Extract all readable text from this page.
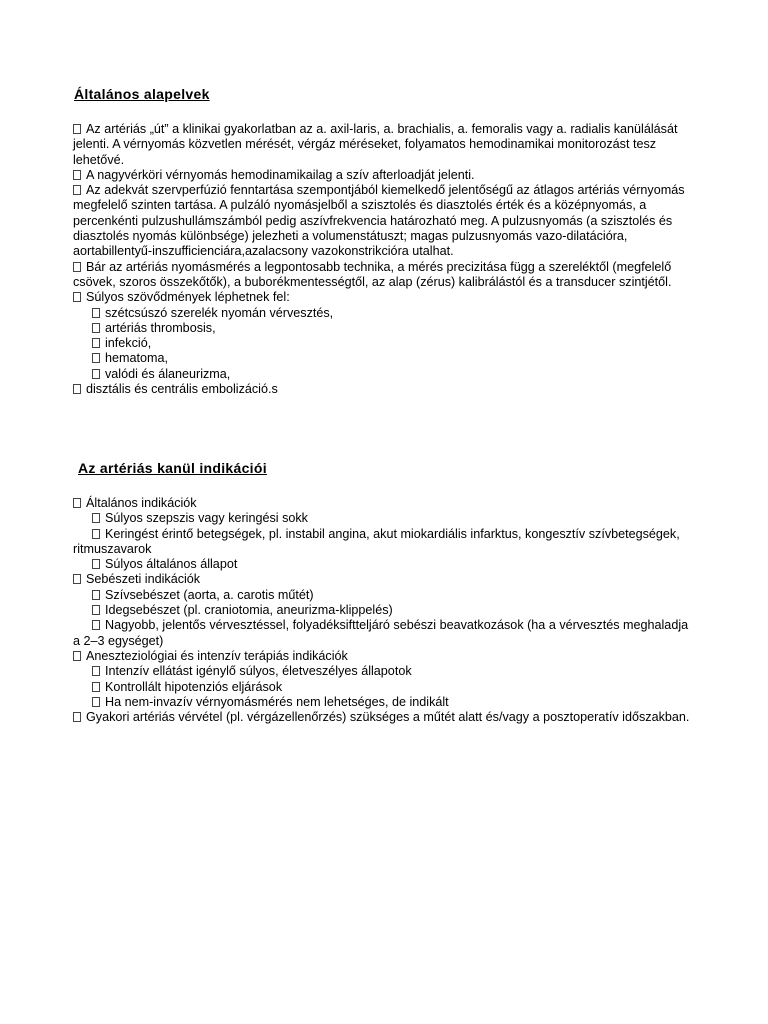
Általános alapelvek

Az artériás „út” a klinikai gyakorlatban az a. axil-laris, a. brachialis, a. femoralis vagy a. radialis kanülálását jelenti. A vérnyomás közvetlen mérését, vérgáz méréseket, folyamatos hemodinamikai monitorozást tesz lehetővé.

A nagyvérköri vérnyomás hemodinamikailag a szív afterloadját jelenti.

Az adekvát szervperfúzió fenntartása szempontjából kiemelkedő jelentőségű az átlagos artériás vérnyomás megfelelő szinten tartása. A pulzáló nyomásjelből a szisztolés és diasztolés érték és a középnyomás, a percenkénti pulzushullámszámból pedig aszívfrekvencia határozható meg. A pulzusnyomás (a szisztolés és diasztolés nyomás különbsége) jelezheti a volumenstátuszt; magas pulzusnyomás vazo-dilatációra, aortabillentyű-inszufficienciára,azalacsony vazokonstrikcióra utalhat.

Bár az artériás nyomásmérés a legpontosabb technika, a mérés precizitása függ a szereléktől (megfelelő csövek, szoros összekőtők), a buborékmentességtől, az alap (zérus) kalibrálástól és a transducer szintjétől.

Súlyos szövődmények léphetnek fel:

szétcsúszó szerelék nyomán vérvesztés,

artériás thrombosis,

infekció,

hematoma,

valódi és álaneurizma,

disztális és centrális embolizáció.s

Az artériás kanül indikációi

Általános indikációk

Súlyos szepszis vagy keringési sokk

Keringést érintő betegségek, pl. instabil angina, akut miokardiális infarktus, kongesztív szívbetegségek, ritmuszavarok

Súlyos általános állapot

Sebészeti indikációk

Szívsebészet (aorta, a. carotis műtét)

Idegsebészet (pl. craniotomia, aneurizma-klippelés)

Nagyobb, jelentős vérvesztéssel, folyadéksiftteljáró sebészi beavatkozások (ha a vérvesztés meghaladja a 2–3 egységet)

Aneszteziológiai és intenzív terápiás indikációk

Intenzív ellátást igénylő súlyos, életveszélyes állapotok

Kontrollált hipotenziós eljárások

Ha nem-invazív vérnyomásmérés nem lehetséges, de indikált

Gyakori artériás vérvétel (pl. vérgázellenőrzés) szükséges a műtét alatt és/vagy a posztoperatív időszakban.
